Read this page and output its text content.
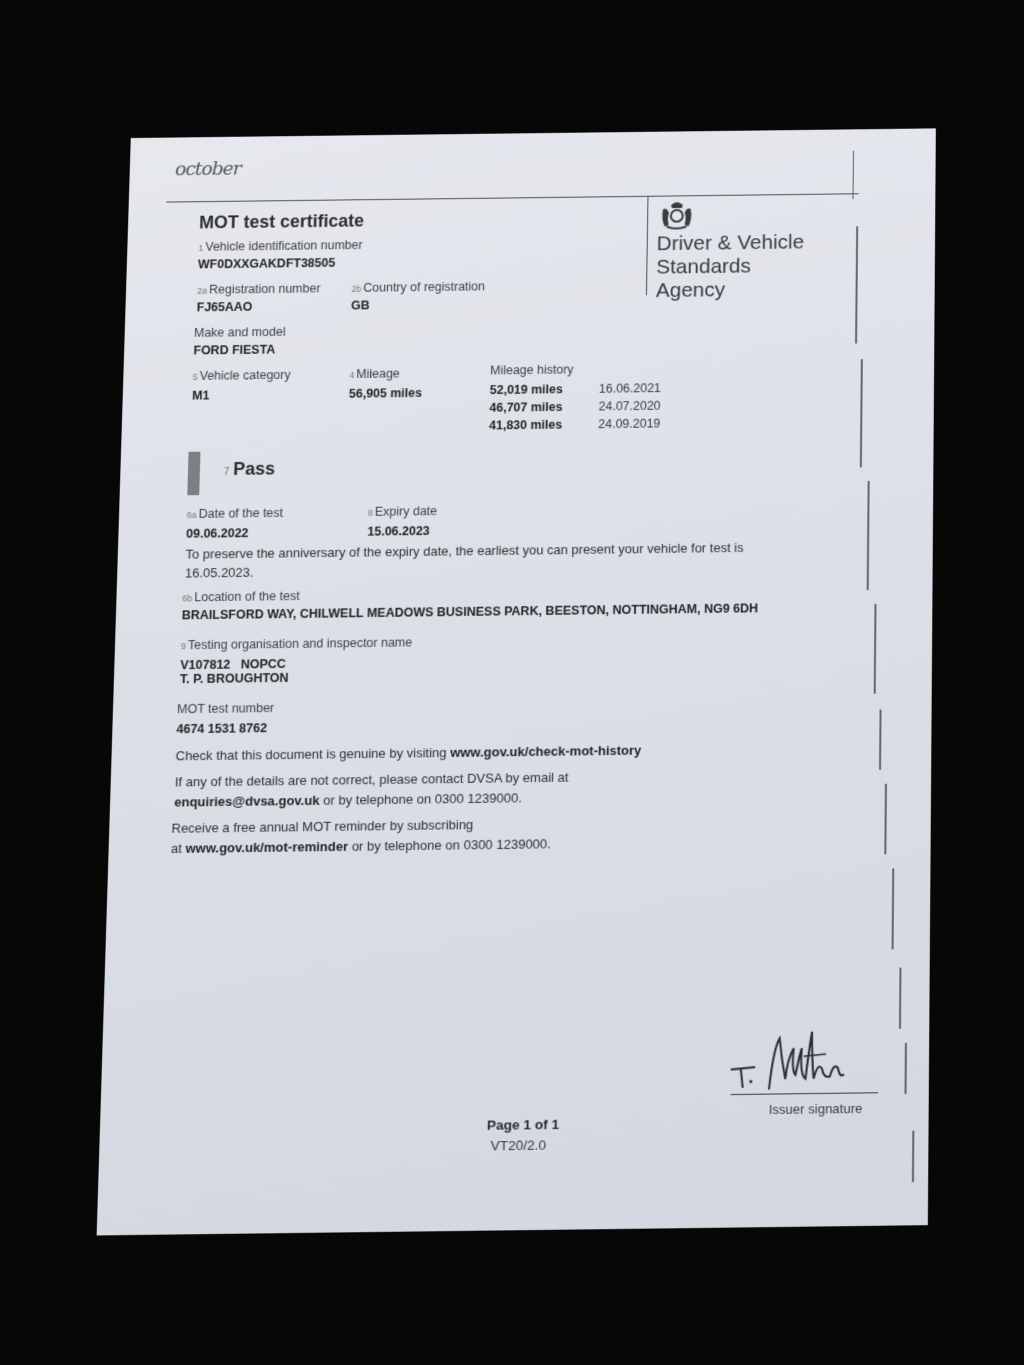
october
MOT test certificate
Driver & Vehicle
Standards
Agency
1 Vehicle identification number
WF0DXXGAKDFT38505
2a Registration number
FJ65AAO
2b Country of registration
GB
Make and model
FORD FIESTA
5 Vehicle category
M1
4 Mileage
56,905 miles
Mileage history
52,019 miles	16.06.2021
46,707 miles	24.07.2020
41,830 miles	24.09.2019
7 Pass
6a Date of the test
09.06.2022
8 Expiry date
15.06.2023
To preserve the anniversary of the expiry date, the earliest you can present your vehicle for test is
16.05.2023.
6b Location of the test
BRAILSFORD WAY, CHILWELL MEADOWS BUSINESS PARK, BEESTON, NOTTINGHAM, NG9 6DH
9 Testing organisation and inspector name
V107812   NOPCC
T. P. BROUGHTON
MOT test number
4674 1531 8762
Check that this document is genuine by visiting www.gov.uk/check-mot-history
If any of the details are not correct, please contact DVSA by email at
enquiries@dvsa.gov.uk or by telephone on 0300 1239000.
Receive a free annual MOT reminder by subscribing
at www.gov.uk/mot-reminder or by telephone on 0300 1239000.
Issuer signature
Page 1 of 1
VT20/2.0
